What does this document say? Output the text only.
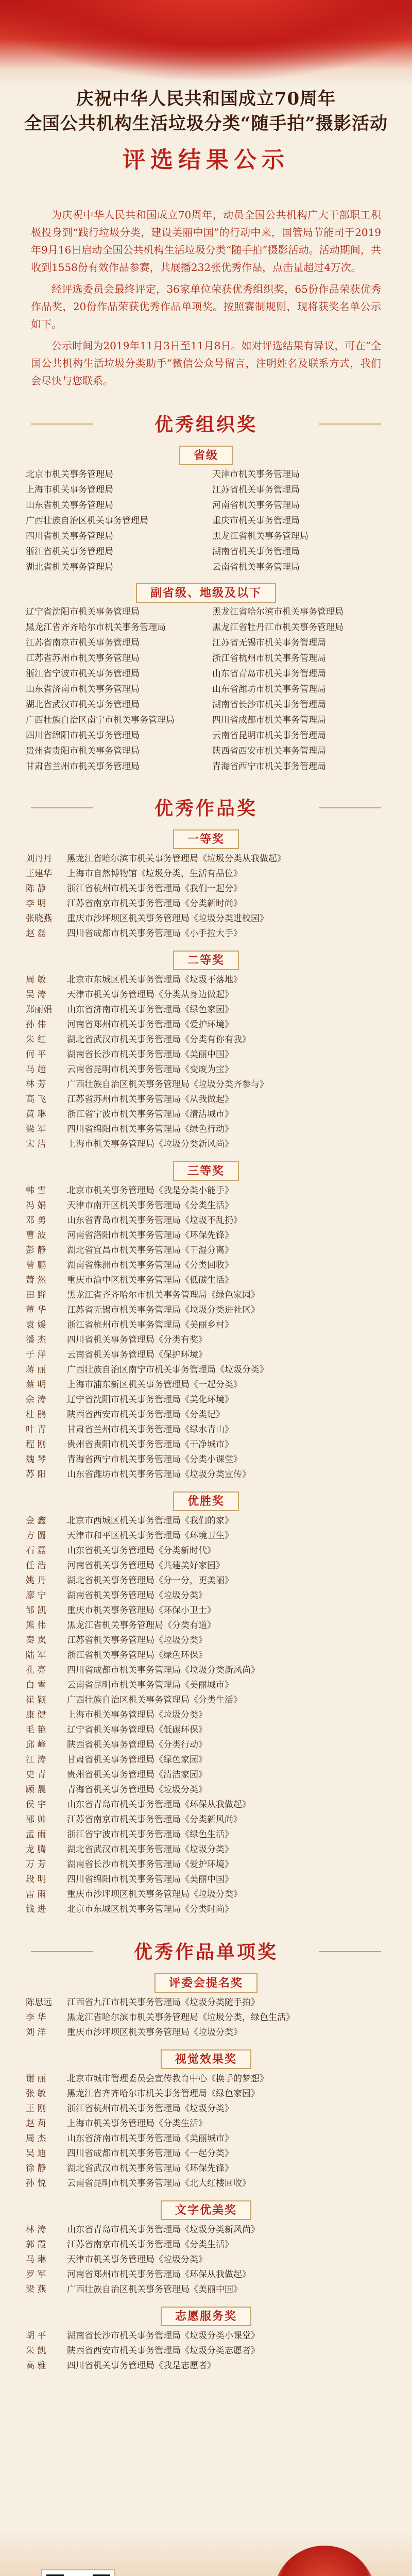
庆祝中华人民共和国成立70周年
全国公共机构生活垃圾分类“随手拍”摄影活动
评选结果公示

为庆祝中华人民共和国成立70周年，动员全国公共机构广大干部职工积极投身到“践行垃圾分类，建设美丽中国”的行动中来，国管局节能司于2019年9月16日启动全国公共机构生活垃圾分类“随手拍”摄影活动。活动期间，共收到1558份有效作品参赛，共展播232张优秀作品，点击量超过4万次。

经评选委员会最终评定，36家单位荣获优秀组织奖，65份作品荣获优秀作品奖，20份作品荣获优秀作品单项奖。按照赛制规则，现将获奖名单公示如下。

公示时间为2019年11月3日至11月8日。如对评选结果有异议，可在“全国公共机构生活垃圾分类助手”微信公众号留言，注明姓名及联系方式，我们会尽快与您联系。

优秀组织奖
省级
北京市机关事务管理局	天津市机关事务管理局
上海市机关事务管理局	江苏省机关事务管理局
山东省机关事务管理局	河南省机关事务管理局
广西壮族自治区机关事务管理局	重庆市机关事务管理局
四川省机关事务管理局	黑龙江省机关事务管理局
浙江省机关事务管理局	湖南省机关事务管理局
湖北省机关事务管理局	云南省机关事务管理局
副省级、地级及以下
辽宁省沈阳市机关事务管理局	黑龙江省哈尔滨市机关事务管理局
黑龙江省齐齐哈尔市机关事务管理局	黑龙江省牡丹江市机关事务管理局
江苏省南京市机关事务管理局	江苏省无锡市机关事务管理局
江苏省苏州市机关事务管理局	浙江省杭州市机关事务管理局
浙江省宁波市机关事务管理局	山东省青岛市机关事务管理局
山东省济南市机关事务管理局	山东省潍坊市机关事务管理局
湖北省武汉市机关事务管理局	湖南省长沙市机关事务管理局
广西壮族自治区南宁市机关事务管理局	四川省成都市机关事务管理局
四川省绵阳市机关事务管理局	云南省昆明市机关事务管理局
贵州省贵阳市机关事务管理局	陕西省西安市机关事务管理局
甘肃省兰州市机关事务管理局	青海省西宁市机关事务管理局
优秀作品奖
一等奖
刘丹丹 黑龙江省哈尔滨市机关事务管理局《垃圾分类从我做起》
王建华 上海市自然博物馆《垃圾分类，生活有品位》
陈 静 浙江省杭州市机关事务管理局《我们一起分》
李 明 江苏省南京市机关事务管理局《分类新时尚》
张晓燕 重庆市沙坪坝区机关事务管理局《垃圾分类进校园》
赵 磊 四川省成都市机关事务管理局《小手拉大手》
二等奖
周 敏 北京市东城区机关事务管理局《垃圾不落地》
吴 涛 天津市机关事务管理局《分类从身边做起》
郑丽娟 山东省济南市机关事务管理局《绿色家园》
孙 伟 河南省郑州市机关事务管理局《爱护环境》
朱 红 湖北省武汉市机关事务管理局《分类有你有我》
何 平 湖南省长沙市机关事务管理局《美丽中国》
马 超 云南省昆明市机关事务管理局《变废为宝》
林 芳 广西壮族自治区机关事务管理局《垃圾分类齐参与》
高 飞 江苏省苏州市机关事务管理局《从我做起》
黄 琳 浙江省宁波市机关事务管理局《清洁城市》
梁 军 四川省绵阳市机关事务管理局《绿色行动》
宋 洁 上海市机关事务管理局《垃圾分类新风尚》
三等奖
韩 雪 北京市机关事务管理局《我是分类小能手》
冯 娟 天津市南开区机关事务管理局《分类生活》
邓 勇 山东省青岛市机关事务管理局《垃圾不乱扔》
曹 波 河南省洛阳市机关事务管理局《环保先锋》
彭 静 湖北省宜昌市机关事务管理局《干湿分离》
曾 鹏 湖南省株洲市机关事务管理局《分类回收》
萧 然 重庆市渝中区机关事务管理局《低碳生活》
田 野 黑龙江省齐齐哈尔市机关事务管理局《绿色家园》
董 华 江苏省无锡市机关事务管理局《垃圾分类进社区》
袁 媛 浙江省杭州市机关事务管理局《美丽乡村》
潘 杰 四川省机关事务管理局《分类有奖》
于 洋 云南省机关事务管理局《保护环境》
蒋 丽 广西壮族自治区南宁市机关事务管理局《垃圾分类》
蔡 明 上海市浦东新区机关事务管理局《一起分类》
余 涛 辽宁省沈阳市机关事务管理局《美化环境》
杜 鹃 陕西省西安市机关事务管理局《分类记》
叶 青 甘肃省兰州市机关事务管理局《绿水青山》
程 刚 贵州省贵阳市机关事务管理局《干净城市》
魏 琴 青海省西宁市机关事务管理局《分类小课堂》
苏 阳 山东省潍坊市机关事务管理局《垃圾分类宣传》
优胜奖
金 鑫 北京市西城区机关事务管理局《我们的家》
方 圆 天津市和平区机关事务管理局《环境卫生》
石 磊 山东省机关事务管理局《分类新时代》
任 浩 河南省机关事务管理局《共建美好家园》
姚 丹 湖北省机关事务管理局《分一分，更美丽》
廖 宁 湖南省机关事务管理局《垃圾分类》
邹 凯 重庆市机关事务管理局《环保小卫士》
熊 伟 黑龙江省机关事务管理局《分类有道》
秦 岚 江苏省机关事务管理局《垃圾分类》
陆 军 浙江省机关事务管理局《绿色环保》
孔 亮 四川省成都市机关事务管理局《垃圾分类新风尚》
白 雪 云南省昆明市机关事务管理局《美丽城市》
崔 颖 广西壮族自治区机关事务管理局《分类生活》
康 健 上海市机关事务管理局《垃圾分类》
毛 艳 辽宁省机关事务管理局《低碳环保》
邱 峰 陕西省机关事务管理局《分类行动》
江 涛 甘肃省机关事务管理局《绿色家园》
史 青 贵州省机关事务管理局《清洁家园》
顾 晨 青海省机关事务管理局《垃圾分类》
侯 宇 山东省青岛市机关事务管理局《环保从我做起》
邵 帅 江苏省南京市机关事务管理局《分类新风尚》
孟 雨 浙江省宁波市机关事务管理局《绿色生活》
龙 腾 湖北省武汉市机关事务管理局《垃圾分类》
万 芳 湖南省长沙市机关事务管理局《爱护环境》
段 明 四川省绵阳市机关事务管理局《美丽中国》
雷 雨 重庆市沙坪坝区机关事务管理局《垃圾分类》
钱 进 北京市东城区机关事务管理局《分类时尚》
优秀作品单项奖
评委会提名奖
陈思远 江西省九江市机关事务管理局《垃圾分类随手拍》
李 华 黑龙江省哈尔滨市机关事务管理局《垃圾分类，绿色生活》
刘 洋 重庆市沙坪坝区机关事务管理局《垃圾分类》
视觉效果奖
谢 丽 北京市城市管理委员会宣传教育中心《换手的梦想》
张 敏 黑龙江省齐齐哈尔市机关事务管理局《绿色家园》
王 刚 浙江省杭州市机关事务管理局《垃圾分类》
赵 莉 上海市机关事务管理局《分类生活》
周 杰 山东省济南市机关事务管理局《美丽城市》
吴 迪 四川省成都市机关事务管理局《一起分类》
徐 静 湖北省武汉市机关事务管理局《环保先锋》
孙 悦 云南省昆明市机关事务管理局《北大红楼回收》
文字优美奖
林 涛 山东省青岛市机关事务管理局《垃圾分类新风尚》
郭 霞 江苏省南京市机关事务管理局《分类生活》
马 琳 天津市机关事务管理局《垃圾分类》
罗 军 河南省郑州市机关事务管理局《环保从我做起》
梁 燕 广西壮族自治区机关事务管理局《美丽中国》
志愿服务奖
胡 平 湖南省长沙市机关事务管理局《垃圾分类小课堂》
朱 凯 陕西省西安市机关事务管理局《垃圾分类志愿者》
高 雅 四川省机关事务管理局《我是志愿者》
